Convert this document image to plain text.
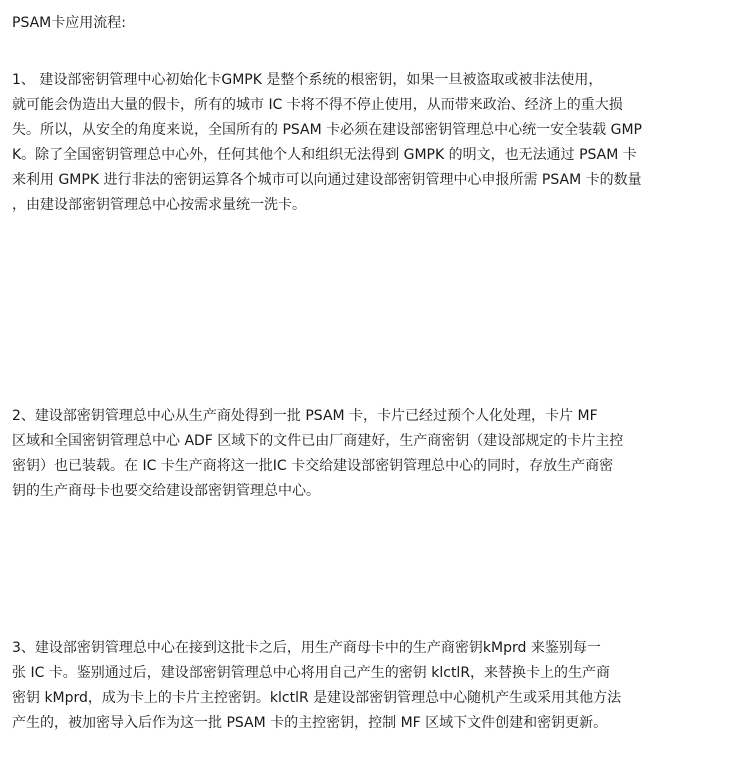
PSAM卡应用流程:
1、 建设部密钥管理中心初始化卡GMPK 是整个系统的根密钥，如果一旦被盗取或被非法使用，
就可能会伪造出大量的假卡，所有的城市 IC 卡将不得不停止使用，从而带来政治、经济上的重大损
失。所以，从安全的角度来说，全国所有的 PSAM 卡必须在建设部密钥管理总中心统一安全装载 GMP
K。除了全国密钥管理总中心外，任何其他个人和组织无法得到 GMPK 的明文，也无法通过 PSAM 卡
来利用 GMPK 进行非法的密钥运算各个城市可以向通过建设部密钥管理中心申报所需 PSAM 卡的数量
，由建设部密钥管理总中心按需求量统一洗卡。
2、建设部密钥管理总中心从生产商处得到一批 PSAM 卡，卡片已经过预个人化处理，卡片 MF
区域和全国密钥管理总中心 ADF 区域下的文件已由厂商建好，生产商密钥（建设部规定的卡片主控
密钥）也已装载。在 IC 卡生产商将这一批IC 卡交给建设部密钥管理总中心的同时，存放生产商密
钥的生产商母卡也要交给建设部密钥管理总中心。
3、建设部密钥管理总中心在接到这批卡之后，用生产商母卡中的生产商密钥kMprd 来鉴别每一
张 IC 卡。鉴别通过后，建设部密钥管理总中心将用自己产生的密钥 klctlR，来替换卡上的生产商
密钥 kMprd，成为卡上的卡片主控密钥。klctlR 是建设部密钥管理总中心随机产生或采用其他方法
产生的，被加密导入后作为这一批 PSAM 卡的主控密钥，控制 MF 区域下文件创建和密钥更新。
